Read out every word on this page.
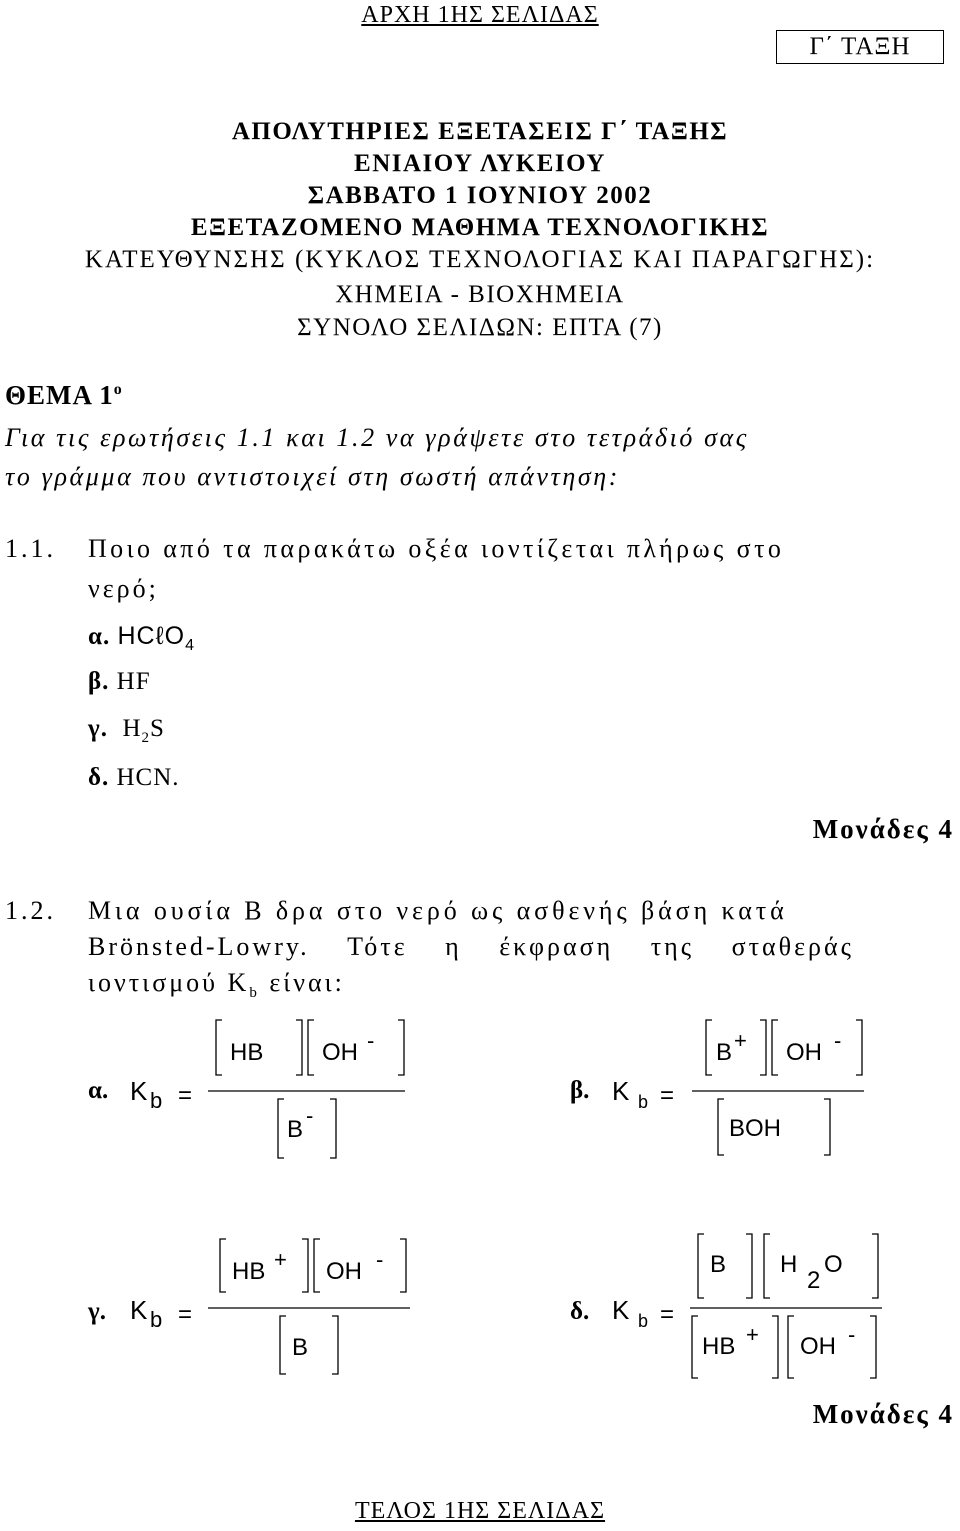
ΑΡΧΗ 1ΗΣ ΣΕΛΙΔΑΣ
Γ΄ ΤΑΞΗ
ΑΠΟΛΥΤΗΡΙΕΣ ΕΞΕΤΑΣΕΙΣ Γ΄ ΤΑΞΗΣ
ΕΝΙΑΙΟΥ ΛΥΚΕΙΟΥ
ΣΑΒΒΑΤΟ 1 ΙΟΥΝΙΟΥ 2002
ΕΞΕΤΑΖΟΜΕΝΟ ΜΑΘΗΜΑ ΤΕΧΝΟΛΟΓΙΚΗΣ
ΚΑΤΕΥΘΥΝΣΗΣ (ΚΥΚΛΟΣ ΤΕΧΝΟΛΟΓΙΑΣ ΚΑΙ ΠΑΡΑΓΩΓΗΣ):
ΧΗΜΕΙΑ - ΒΙΟΧΗΜΕΙΑ
ΣΥΝΟΛΟ ΣΕΛΙΔΩΝ: ΕΠΤΑ (7)
ΘΕΜΑ $1^o$
Για τις ερωτήσεις 1.1 και 1.2 να γράψετε στο τετράδιό σας
το γράμμα που αντιστοιχεί στη σωστή απάντηση:
1.1. Ποιο από τα παρακάτω οξέα ιοντίζεται πλήρως στο
νερό;
α. HCℓO$_4$
β. HF
γ. $H_2S$
δ. HCN.
Μονάδες 4
1.2. Μια ουσία Β δρα στο νερό ως ασθενής βάση κατά
Brönsted-Lowry. Τότε η έκφραση της σταθεράς
ιοντισμού $K_b$ είναι:
α. K b =
HB OH -
B
-
β. K b =
B + OH -
BOH
γ. K b =
HB + OH -
B
δ. K b =
B H
2
O
HB + OH -
Μονάδες 4
ΤΕΛΟΣ 1ΗΣ ΣΕΛΙΔΑΣ
